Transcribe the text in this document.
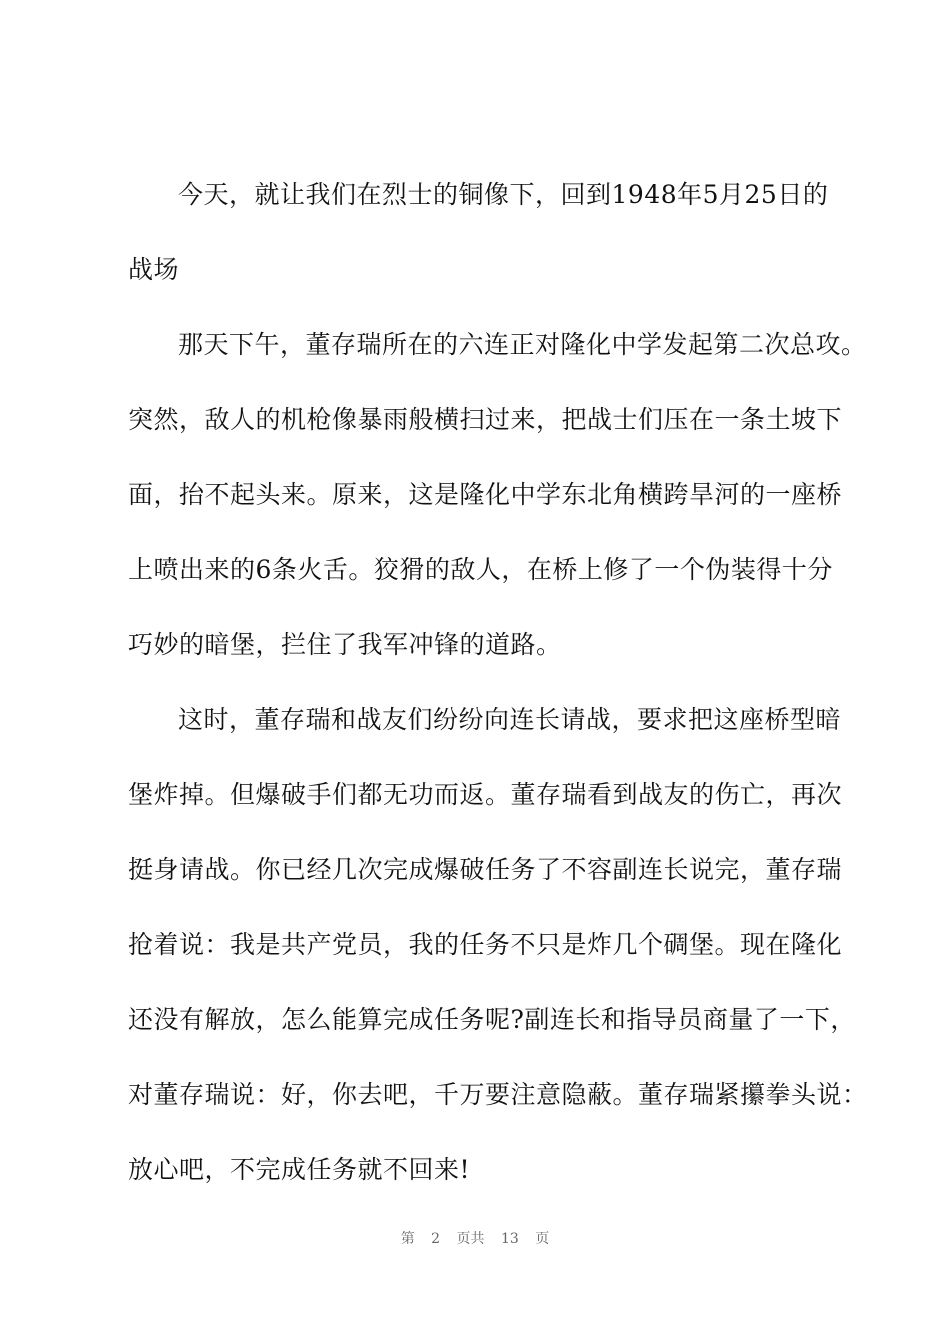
今天，就让我们在烈士的铜像下，回到1948年5月25日的
战场
那天下午，董存瑞所在的六连正对隆化中学发起第二次总攻。
突然，敌人的机枪像暴雨般横扫过来，把战士们压在一条土坡下
面，抬不起头来。原来，这是隆化中学东北角横跨旱河的一座桥
上喷出来的6条火舌。狡猾的敌人，在桥上修了一个伪装得十分
巧妙的暗堡，拦住了我军冲锋的道路。
这时，董存瑞和战友们纷纷向连长请战，要求把这座桥型暗
堡炸掉。但爆破手们都无功而返。董存瑞看到战友的伤亡，再次
挺身请战。你已经几次完成爆破任务了不容副连长说完，董存瑞
抢着说：我是共产党员，我的任务不只是炸几个碉堡。现在隆化
还没有解放，怎么能算完成任务呢?副连长和指导员商量了一下，
对董存瑞说：好，你去吧，千万要注意隐蔽。董存瑞紧攥拳头说：
放心吧，不完成任务就不回来!
第 2 页共 13 页
